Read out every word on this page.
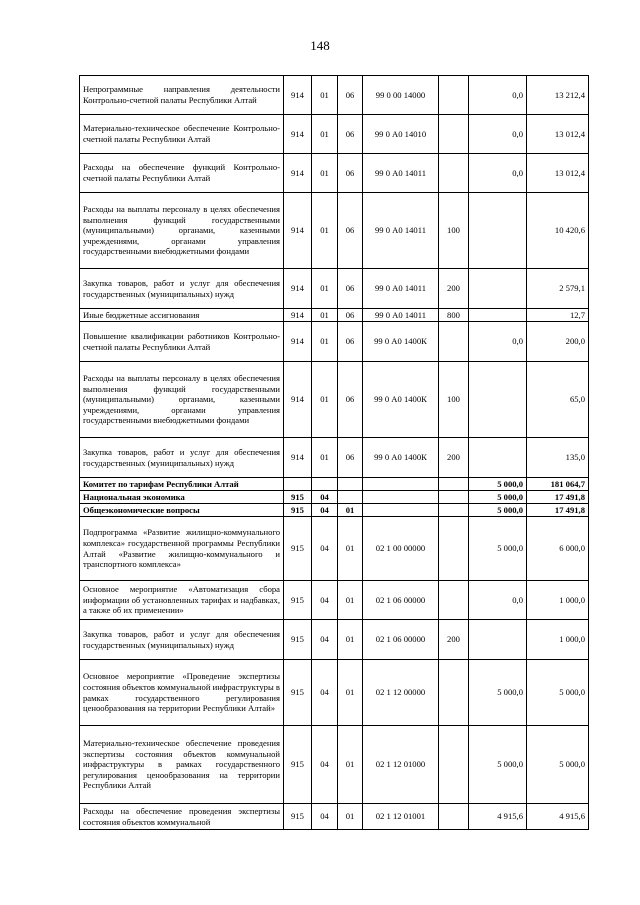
148
Непрограммные направления деятельности Контрольно-счетной палаты Республики Алтай	914	01	06	99 0 00 14000		0,0	13 212,4
Материально-техническое обеспечение Контрольно-счетной палаты Республики Алтай	914	01	06	99 0 А0 14010		0,0	13 012,4
Расходы на обеспечение функций Контрольно-счетной палаты Республики Алтай	914	01	06	99 0 А0 14011		0,0	13 012,4
Расходы на выплаты персоналу в целях обеспечения выполнения функций государственными (муниципальными) органами, казенными учреждениями, органами управления государственными внебюджетными фондами	914	01	06	99 0 А0 14011	100		10 420,6
Закупка товаров, работ и услуг для обеспечения государственных (муниципальных) нужд	914	01	06	99 0 А0 14011	200		2 579,1
Иные бюджетные ассигнования	914	01	06	99 0 А0 14011	800		12,7
Повышение квалификации работников Контрольно-счетной палаты Республики Алтай	914	01	06	99 0 А0 1400К		0,0	200,0
Расходы на выплаты персоналу в целях обеспечения выполнения функций государственными (муниципальными) органами, казенными учреждениями, органами управления государственными внебюджетными фондами	914	01	06	99 0 А0 1400К	100		65,0
Закупка товаров, работ и услуг для обеспечения государственных (муниципальных) нужд	914	01	06	99 0 А0 1400К	200		135,0
Комитет по тарифам Республики Алтай						5 000,0	181 064,7
Национальная экономика	915	04				5 000,0	17 491,8
Общеэкономические вопросы	915	04	01			5 000,0	17 491,8
Подпрограмма «Развитие жилищно-коммунального комплекса» государственной программы Республики Алтай «Развитие жилищно-коммунального и транспортного комплекса»	915	04	01	02 1 00 00000		5 000,0	6 000,0
Основное мероприятие «Автоматизация сбора информации об установленных тарифах и надбавках, а также об их применении»	915	04	01	02 1 06 00000		0,0	1 000,0
Закупка товаров, работ и услуг для обеспечения государственных (муниципальных) нужд	915	04	01	02 1 06 00000	200		1 000,0
Основное мероприятие «Проведение экспертизы состояния объектов коммунальной инфраструктуры в рамках государственного регулирования ценообразования на территории Республики Алтай»	915	04	01	02 1 12 00000		5 000,0	5 000,0
Материально-техническое обеспечение проведения экспертизы состояния объектов коммунальной инфраструктуры в рамках государственного регулирования ценообразования на территории Республики Алтай	915	04	01	02 1 12 01000		5 000,0	5 000,0
Расходы на обеспечение проведения экспертизы состояния объектов коммунальной	915	04	01	02 1 12 01001		4 915,6	4 915,6
